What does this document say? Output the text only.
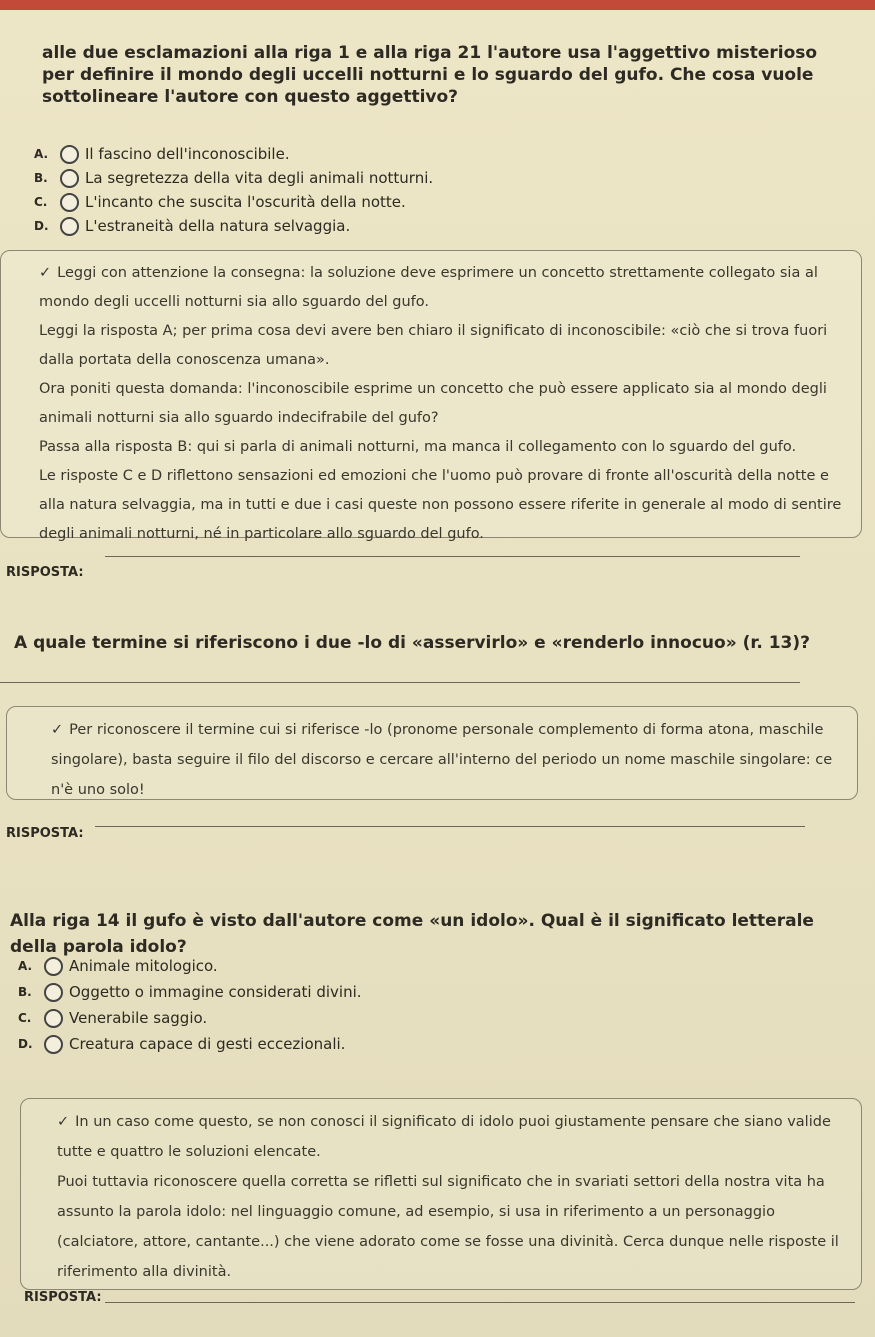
alle due esclamazioni alla riga 1 e alla riga 21 l'autore usa l'aggettivo misterioso per definire il mondo degli uccelli notturni e lo sguardo del gufo. Che cosa vuole sottolineare l'autore con questo aggettivo?
A.	Il fascino dell'inconoscibile.
B.	La segretezza della vita degli animali notturni.
C.	L'incanto che suscita l'oscurità della notte.
D.	L'estraneità della natura selvaggia.

✓ Leggi con attenzione la consegna: la soluzione deve esprimere un concetto strettamente collegato sia al mondo degli uccelli notturni sia allo sguardo del gufo.

Leggi la risposta A; per prima cosa devi avere ben chiaro il significato di inconoscibile: «ciò che si trova fuori dalla portata della conoscenza umana».

Ora poniti questa domanda: l'inconoscibile esprime un concetto che può essere applicato sia al mondo degli animali notturni sia allo sguardo indecifrabile del gufo?

Passa alla risposta B: qui si parla di animali notturni, ma manca il collegamento con lo sguardo del gufo.

Le risposte C e D riflettono sensazioni ed emozioni che l'uomo può provare di fronte all'oscurità della notte e alla natura selvaggia, ma in tutti e due i casi queste non possono essere riferite in generale al modo di sentire degli animali notturni, né in particolare allo sguardo del gufo.

RISPOSTA:
A quale termine si riferiscono i due -lo di «asservirlo» e «renderlo innocuo» (r. 13)?

✓ Per riconoscere il termine cui si riferisce -lo (pronome personale complemento di forma atona, maschile singolare), basta seguire il filo del discorso e cercare all'interno del periodo un nome maschile singolare: ce n'è uno solo!

RISPOSTA:
Alla riga 14 il gufo è visto dall'autore come «un idolo». Qual è il significato letterale della parola idolo?
A.	Animale mitologico.
B.	Oggetto o immagine considerati divini.
C.	Venerabile saggio.
D.	Creatura capace di gesti eccezionali.

✓ In un caso come questo, se non conosci il significato di idolo puoi giustamente pensare che siano valide tutte e quattro le soluzioni elencate.

Puoi tuttavia riconoscere quella corretta se rifletti sul significato che in svariati settori della nostra vita ha assunto la parola idolo: nel linguaggio comune, ad esempio, si usa in riferimento a un personaggio (calciatore, attore, cantante...) che viene adorato come se fosse una divinità. Cerca dunque nelle risposte il riferimento alla divinità.

RISPOSTA:
